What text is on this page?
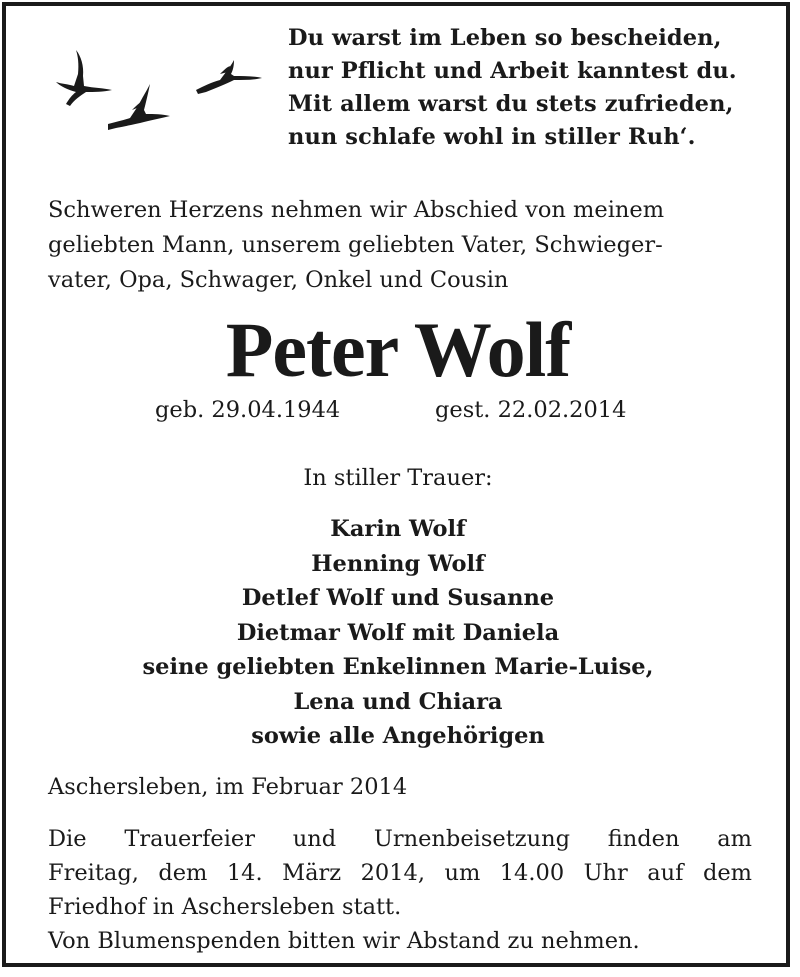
Du warst im Leben so bescheiden,
nur Pflicht und Arbeit kanntest du.
Mit allem warst du stets zufrieden,
nun schlafe wohl in stiller Ruh‘.
Schweren Herzens nehmen wir Abschied von meinem
geliebten Mann, unserem geliebten Vater, Schwieger-
vater, Opa, Schwager, Onkel und Cousin
Peter Wolf
geb. 29.04.1944	gest. 22.02.2014
In stiller Trauer:
Karin Wolf
Henning Wolf
Detlef Wolf und Susanne
Dietmar Wolf mit Daniela
seine geliebten Enkelinnen Marie-Luise,
Lena und Chiara
sowie alle Angehörigen
Aschersleben, im Februar 2014
Die Trauerfeier und Urnenbeisetzung finden am
Freitag, dem 14. März 2014, um 14.00 Uhr auf dem
Friedhof in Aschersleben statt.
Von Blumenspenden bitten wir Abstand zu nehmen.
